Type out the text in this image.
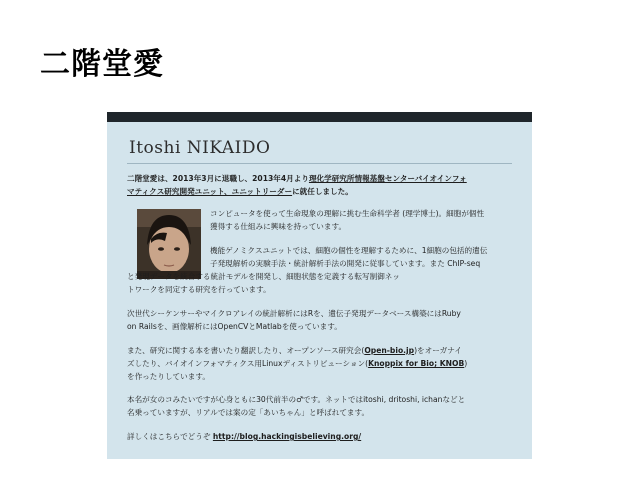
二階堂愛
Itoshi NIKAIDO
二階堂愛は、2013年3月に退職し、2013年4月より理化学研究所情報基盤センターバイオインフォ
マティクス研究開発ユニット、ユニットリーダーに就任しました。
コンピュータを使って生命現象の理解に挑む生命科学者 (理学博士)。細胞が個性
獲得する仕組みに興味を持っています。
機能ゲノミクスユニットでは、細胞の個性を理解するために、1細胞の包括的遺伝
子発現解析の実験手法・統計解析手法の開発に従事しています。また ChIP-seq
と発現データを統合する統計モデルを開発し、細胞状態を定義する転写制御ネッ
トワークを同定する研究を行っています。
次世代シーケンサーやマイクロアレイの統計解析にはRを、遺伝子発現データベース構築にはRuby
on Railsを、画像解析にはOpenCVとMatlabを使っています。
また、研究に関する本を書いたり翻訳したり、オープンソース研究会(Open-bio.jp)をオーガナイ
ズしたり、バイオインフォマティクス用Linuxディストリビューション(Knoppix for Bio; KNOB)
を作ったりしています。
本名が女のコみたいですが心身ともに30代前半の♂です。ネットではitoshi, dritoshi, ichanなどと
名乗っていますが、リアルでは案の定「あいちゃん」と呼ばれてます。
詳しくはこちらでどうぞ http://blog.hackingisbelieving.org/
